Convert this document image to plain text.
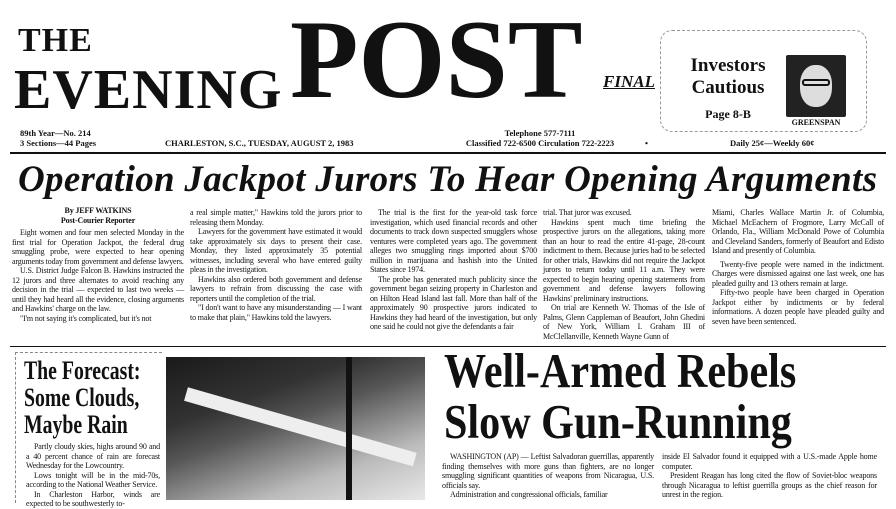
THE
EVENING POST FINAL
Investors
Cautious
Page 8-B
GREENSPAN
89th Year—No. 214
3 Sections—44 Pages	CHARLESTON, S.C., TUESDAY, AUGUST 2, 1983
Telephone 577-7111
Classified 722-6500 Circulation 722-2223	•	Daily 25¢—Weekly 60¢
Operation Jackpot Jurors To Hear Opening Arguments
By JEFF WATKINS
Post-Courier Reporter

Eight women and four men selected Monday in the first trial for Operation Jackpot, the federal drug smuggling probe, were expected to hear opening arguments today from government and defense lawyers.

U.S. District Judge Falcon B. Hawkins instructed the 12 jurors and three alternates to avoid reaching any decision in the trial — expected to last two weeks — until they had heard all the evidence, closing arguments and Hawkins' charge on the law.

"I'm not saying it's complicated, but it's not

a real simple matter," Hawkins told the jurors prior to releasing them Monday.

Lawyers for the government have estimated it would take approximately six days to present their case. Monday, they listed approximately 35 potential witnesses, including several who have entered guilty pleas in the investigation.

Hawkins also ordered both government and defense lawyers to refrain from discussing the case with reporters until the completion of the trial.

"I don't want to have any misunderstanding — I want to make that plain," Hawkins told the lawyers.

The trial is the first for the year-old task force investigation, which used financial records and other documents to track down suspected smugglers whose ventures were completed years ago. The government alleges two smuggling rings imported about $700 million in marijuana and hashish into the United States since 1974.

The probe has generated much publicity since the government began seizing property in Charleston and on Hilton Head Island last fall. More than half of the approximately 90 prospective jurors indicated to Hawkins they had heard of the investigation, but only one said he could not give the defendants a fair

trial. That juror was excused.

Hawkins spent much time briefing the prospective jurors on the allegations, taking more than an hour to read the entire 41-page, 28-count indictment to them. Because juries had to be selected for other trials, Hawkins did not require the Jackpot jurors to return today until 11 a.m. They were expected to begin hearing opening statements from government and defense lawyers following Hawkins' preliminary instructions.

On trial are Kenneth W. Thomas of the Isle of Palms, Glenn Cappleman of Beaufort, John Ghedini of New York, William I. Graham III of McClellanville, Kenneth Wayne Gunn of

Miami, Charles Wallace Martin Jr. of Columbia, Michael McEachern of Frogmore, Larry McCall of Orlando, Fla., William McDonald Powe of Columbia and Cleveland Sanders, formerly of Beaufort and Edisto Island and presently of Columbia.

Twenty-five people were named in the indictment. Charges were dismissed against one last week, one has pleaded guilty and 13 others remain at large.

Fifty-two people have been charged in Operation Jackpot either by indictments or by federal informations. A dozen people have pleaded guilty and seven have been sentenced.

The Forecast:
Some Clouds,
Maybe Rain

Partly cloudy skies, highs around 90 and a 40 percent chance of rain are forecast Wednesday for the Lowcountry.

Lows tonight will be in the mid-70s, according to the National Weather Service.

In Charleston Harbor, winds are expected to be southwesterly to-

Well-Armed Rebels
Slow Gun-Running

WASHINGTON (AP) — Leftist Salvadoran guerrillas, apparently finding themselves with more guns than fighters, are no longer smuggling significant quantities of weapons from Nicaragua, U.S. officials say.

Administration and congressional officials, familiar

inside El Salvador found it equipped with a U.S.-made Apple home computer.

President Reagan has long cited the flow of Soviet-bloc weapons through Nicaragua to leftist guerrilla groups as the chief reason for unrest in the region.
